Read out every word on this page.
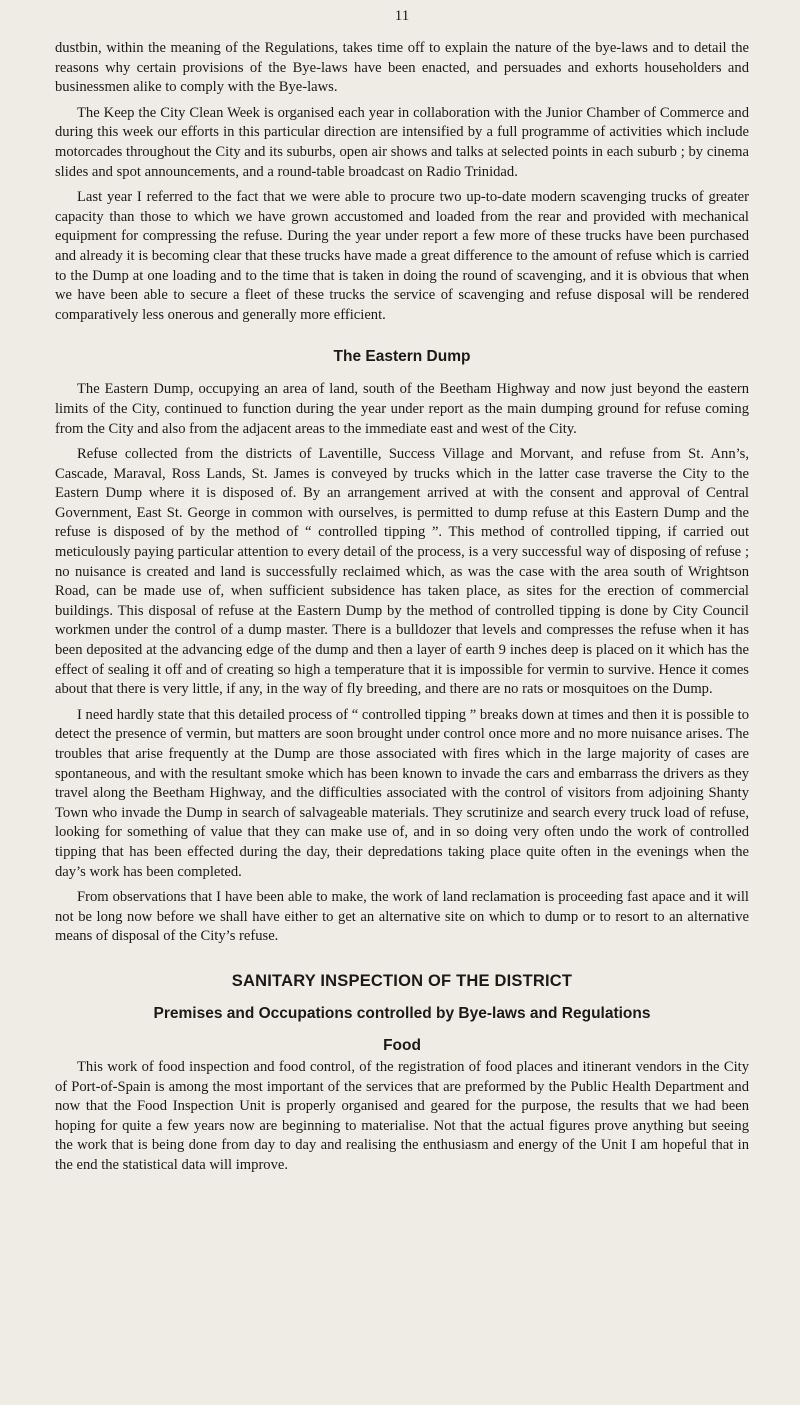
11

dustbin, within the meaning of the Regulations, takes time off to explain the nature of the bye-laws and to detail the reasons why certain provisions of the Bye-laws have been enacted, and persuades and exhorts householders and businessmen alike to comply with the Bye-laws.

The Keep the City Clean Week is organised each year in collaboration with the Junior Chamber of Commerce and during this week our efforts in this particular direction are intensified by a full programme of activities which include motorcades throughout the City and its suburbs, open air shows and talks at selected points in each suburb ; by cinema slides and spot announcements, and a round-table broadcast on Radio Trinidad.

Last year I referred to the fact that we were able to procure two up-to-date modern scavenging trucks of greater capacity than those to which we have grown accustomed and loaded from the rear and provided with mechanical equipment for compressing the refuse. During the year under report a few more of these trucks have been purchased and already it is becoming clear that these trucks have made a great difference to the amount of refuse which is carried to the Dump at one loading and to the time that is taken in doing the round of scavenging, and it is obvious that when we have been able to secure a fleet of these trucks the service of scavenging and refuse disposal will be rendered comparatively less onerous and generally more efficient.

The Eastern Dump

The Eastern Dump, occupying an area of land, south of the Beetham Highway and now just beyond the eastern limits of the City, continued to function during the year under report as the main dumping ground for refuse coming from the City and also from the adjacent areas to the immediate east and west of the City.

Refuse collected from the districts of Laventille, Success Village and Morvant, and refuse from St. Ann’s, Cascade, Maraval, Ross Lands, St. James is conveyed by trucks which in the latter case traverse the City to the Eastern Dump where it is disposed of. By an arrangement arrived at with the consent and approval of Central Government, East St. George in common with ourselves, is permitted to dump refuse at this Eastern Dump and the refuse is disposed of by the method of “ controlled tipping ”. This method of controlled tipping, if carried out meticulously paying particular attention to every detail of the process, is a very successful way of disposing of refuse ; no nuisance is created and land is successfully reclaimed which, as was the case with the area south of Wrightson Road, can be made use of, when sufficient subsidence has taken place, as sites for the erection of commercial buildings. This disposal of refuse at the Eastern Dump by the method of controlled tipping is done by City Council workmen under the control of a dump master. There is a bulldozer that levels and compresses the refuse when it has been deposited at the advancing edge of the dump and then a layer of earth 9 inches deep is placed on it which has the effect of sealing it off and of creating so high a temperature that it is impossible for vermin to survive. Hence it comes about that there is very little, if any, in the way of fly breeding, and there are no rats or mosquitoes on the Dump.

I need hardly state that this detailed process of “ controlled tipping ” breaks down at times and then it is possible to detect the presence of vermin, but matters are soon brought under control once more and no more nuisance arises. The troubles that arise frequently at the Dump are those associated with fires which in the large majority of cases are spontaneous, and with the resultant smoke which has been known to invade the cars and embarrass the drivers as they travel along the Beetham Highway, and the difficulties associated with the control of visitors from adjoining Shanty Town who invade the Dump in search of salvageable materials. They scrutinize and search every truck load of refuse, looking for something of value that they can make use of, and in so doing very often undo the work of controlled tipping that has been effected during the day, their depredations taking place quite often in the evenings when the day’s work has been completed.

From observations that I have been able to make, the work of land reclamation is proceeding fast apace and it will not be long now before we shall have either to get an alternative site on which to dump or to resort to an alternative means of disposal of the City’s refuse.

SANITARY INSPECTION OF THE DISTRICT
Premises and Occupations controlled by Bye-laws and Regulations
Food

This work of food inspection and food control, of the registration of food places and itinerant vendors in the City of Port-of-Spain is among the most important of the services that are preformed by the Public Health Department and now that the Food Inspection Unit is properly organised and geared for the purpose, the results that we had been hoping for quite a few years now are beginning to materialise. Not that the actual figures prove anything but seeing the work that is being done from day to day and realising the enthusiasm and energy of the Unit I am hopeful that in the end the statistical data will improve.
